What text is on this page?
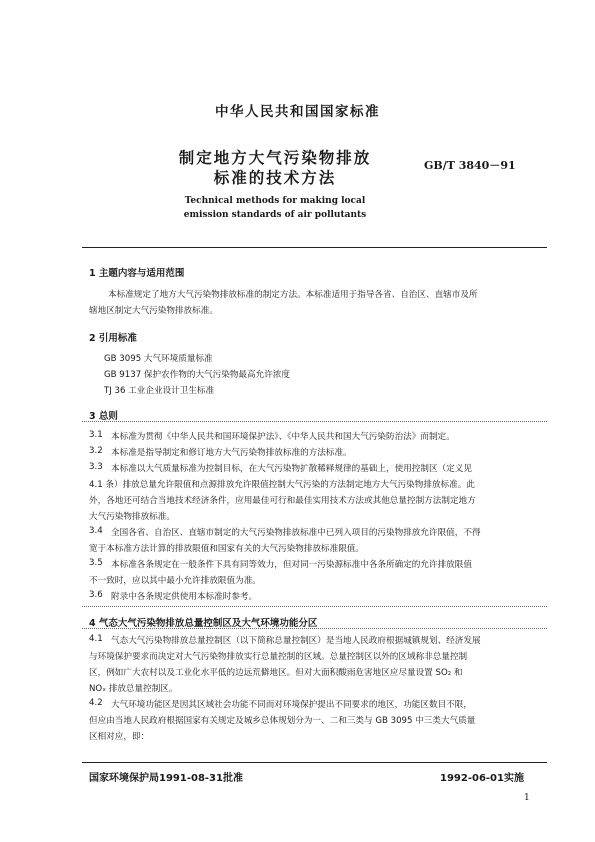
中华人民共和国国家标准
制定地方大气污染物排放
标准的技术方法
GB/T 3840－91
Technical methods for making local
emission standards of air pollutants
1 主题内容与适用范围
本标准规定了地方大气污染物排放标准的制定方法。本标准适用于指导各省、自治区、直辖市及所
辖地区制定大气污染物排放标准。
2 引用标准
GB 3095 大气环境质量标准
GB 9137 保护农作物的大气污染物最高允许浓度
TJ 36 工业企业设计卫生标准
3 总则
3.1 本标准为贯彻《中华人民共和国环境保护法》、《中华人民共和国大气污染防治法》而制定。
3.2 本标准是指导制定和修订地方大气污染物排放标准的方法标准。
3.3 本标准以大气质量标准为控制目标，在大气污染物扩散稀释规律的基础上，使用控制区（定义见
4.1 条）排放总量允许限值和点源排放允许限值控制大气污染的方法制定地方大气污染物排放标准。此
外，各地还可结合当地技术经济条件，应用最佳可行和最佳实用技术方法或其他总量控制方法制定地方
大气污染物排放标准。
3.4 全国各省、自治区、直辖市制定的大气污染物排放标准中已列入项目的污染物排放允许限值，不得
宽于本标准方法计算的排放限值和国家有关的大气污染物排放标准限值。
3.5 本标准各条规定在一般条件下具有同等效力，但对同一污染源标准中各条所确定的允许排放限值
不一致时，应以其中最小允许排放限值为准。
3.6 附录中各条规定供使用本标准时参考。
4 气态大气污染物排放总量控制区及大气环境功能分区
4.1 气态大气污染物排放总量控制区（以下简称总量控制区）是当地人民政府根据城镇规划、经济发展
与环境保护要求而决定对大气污染物排放实行总量控制的区域。总量控制区以外的区域称非总量控制
区，例如广大农村以及工业化水平低的边远荒僻地区。但对大面积酸雨危害地区应尽量设置 SO₂ 和
NOₓ 排放总量控制区。
4.2 大气环境功能区是因其区域社会功能不同而对环境保护提出不同要求的地区，功能区数目不限，
但应由当地人民政府根据国家有关规定及城乡总体规划分为一、二和三类与 GB 3095 中三类大气质量
区相对应，即：
国家环境保护局1991-08-31批准	1992-06-01实施
1
